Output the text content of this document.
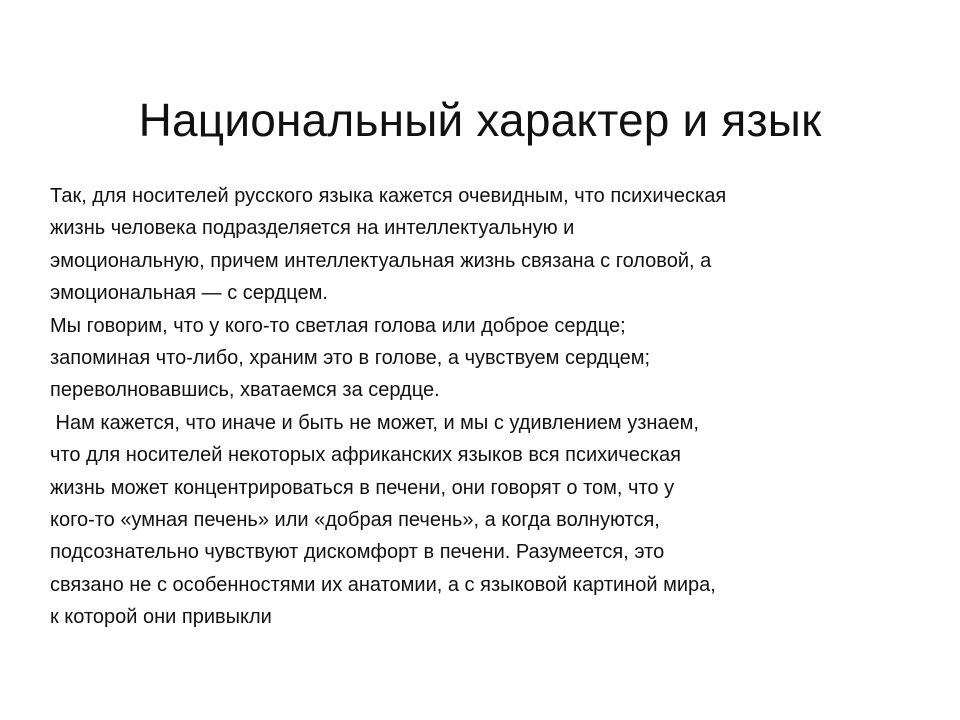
Национальный характер и язык
Так, для носителей русского языка кажется очевидным, что психическая
жизнь человека подразделяется на интеллектуальную и
эмоциональную, причем интеллектуальная жизнь связана с головой, а
эмоциональная — с сердцем.
Мы говорим, что у кого-то светлая голова или доброе сердце;
запоминая что-либо, храним это в голове, а чувствуем сердцем;
переволновавшись, хватаемся за сердце.
Нам кажется, что иначе и быть не может, и мы с удивлением узнаем,
что для носителей некоторых африканских языков вся психическая
жизнь может концентрироваться в печени, они говорят о том, что у
кого-то «умная печень» или «добрая печень», а когда волнуются,
подсознательно чувствуют дискомфорт в печени. Разумеется, это
связано не с особенностями их анатомии, а с языковой картиной мира,
к которой они привыкли
